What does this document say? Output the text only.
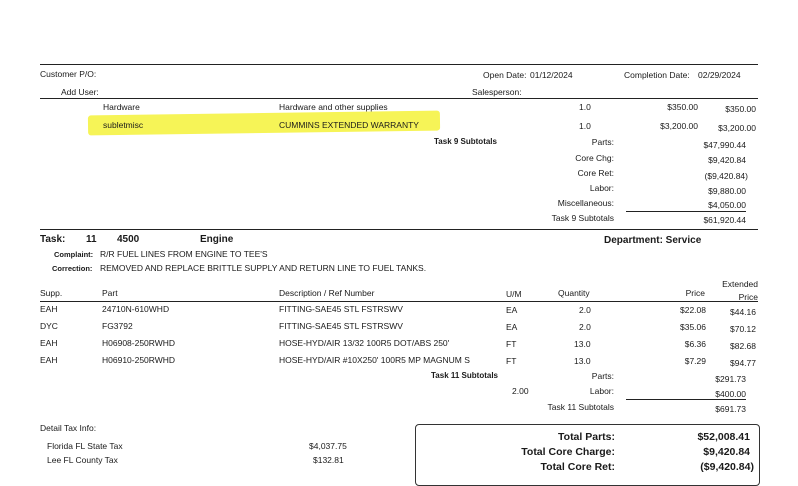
Customer P/O:
Add User:
Open Date: 01/12/2024	Completion Date: 02/29/2024
Salesperson:
Hardware	Hardware and other supplies	1.0	$350.00	$350.00
subletmisc	CUMMINS EXTENDED WARRANTY	1.0	$3,200.00 $3,200.00
Task 9 Subtotals	Parts:	$47,990.44
Core Chg:	$9,420.84
Core Ret:	($9,420.84)
Labor:	$9,880.00
Miscellaneous:	$4,050.00
Task 9 Subtotals	$61,920.44
Task: 11 4500	Engine	Department: Service
Complaint: R/R FUEL LINES FROM ENGINE TO TEE'S
Correction: REMOVED AND REPLACE BRITTLE SUPPLY AND RETURN LINE TO FUEL TANKS.
Supp.	Part	Description / Ref Number	U/M	Quantity	Price
Extended
Price
EAH	24710N-610WHD	FITTING-SAE45 STL FSTRSWV	EA	2.0	$22.08	$44.16
DYC	FG3792	FITTING-SAE45 STL FSTRSWV	EA	2.0	$35.06	$70.12
EAH	H06908-250RWHD	HOSE-HYD/AIR 13/32 100R5 DOT/ABS 250'	FT	13.0	$6.36	$82.68
EAH	H06910-250RWHD	HOSE-HYD/AIR #10X250' 100R5 MP MAGNUM S	FT	13.0	$7.29	$94.77
Task 11 Subtotals	Parts:	$291.73
2.00	Labor:	$400.00
Task 11 Subtotals	$691.73
Detail Tax Info:
Florida FL State Tax	$4,037.75
Lee FL County Tax	$132.81
Total Parts:	$52,008.41
Total Core Charge:	$9,420.84
Total Core Ret:	($9,420.84)
